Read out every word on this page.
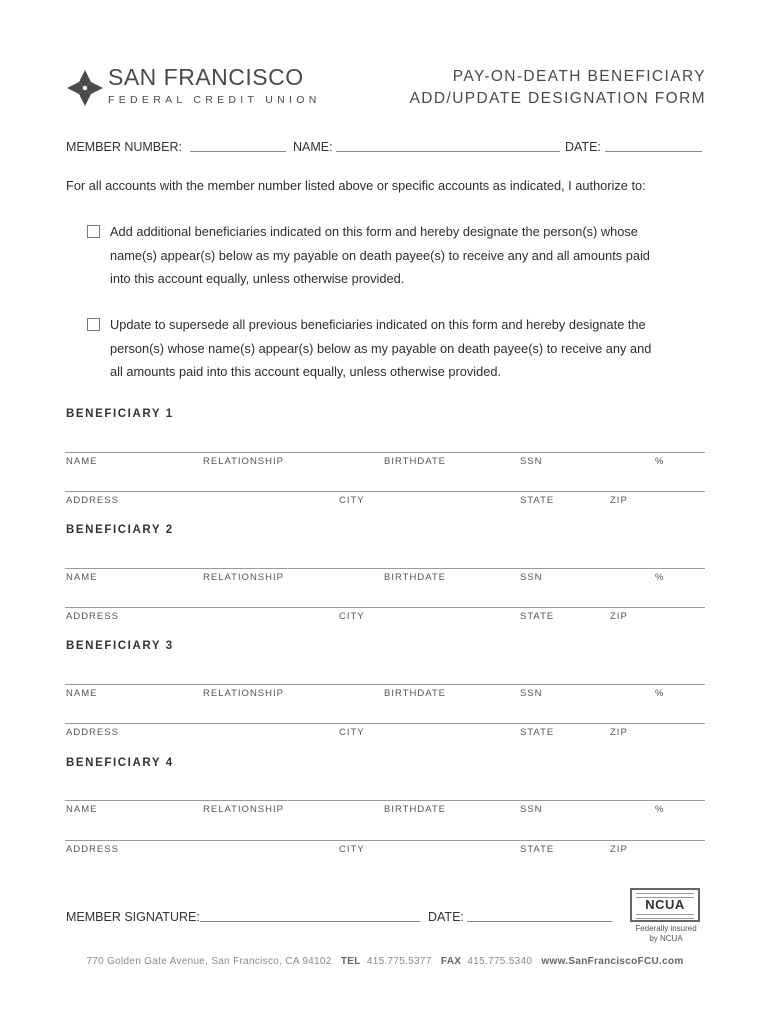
SAN FRANCISCO
FEDERAL CREDIT UNION
PAY-ON-DEATH BENEFICIARY
ADD/UPDATE DESIGNATION FORM
MEMBER NUMBER:	NAME:	DATE:
For all accounts with the member number listed above or specific accounts as indicated, I authorize to:
Add additional beneficiaries indicated on this form and hereby designate the person(s) whose
name(s) appear(s) below as my payable on death payee(s) to receive any and all amounts paid
into this account equally, unless otherwise provided.
Update to supersede all previous beneficiaries indicated on this form and hereby designate the
person(s) whose name(s) appear(s) below as my payable on death payee(s) to receive any and
all amounts paid into this account equally, unless otherwise provided.
BENEFICIARY 1
NAME	RELATIONSHIP	BIRTHDATE	SSN	%
ADDRESS	CITY	STATE	ZIP
BENEFICIARY 2
NAME	RELATIONSHIP	BIRTHDATE	SSN	%
ADDRESS	CITY	STATE	ZIP
BENEFICIARY 3
NAME	RELATIONSHIP	BIRTHDATE	SSN	%
ADDRESS	CITY	STATE	ZIP
BENEFICIARY 4
NAME	RELATIONSHIP	BIRTHDATE	SSN	%
ADDRESS	CITY	STATE	ZIP
MEMBER SIGNATURE:	DATE:
NCUA
Federally insured
by NCUA
770 Golden Gate Avenue, San Francisco, CA 94102 TEL 415.775.5377 FAX 415.775.5340 www.SanFranciscoFCU.com
